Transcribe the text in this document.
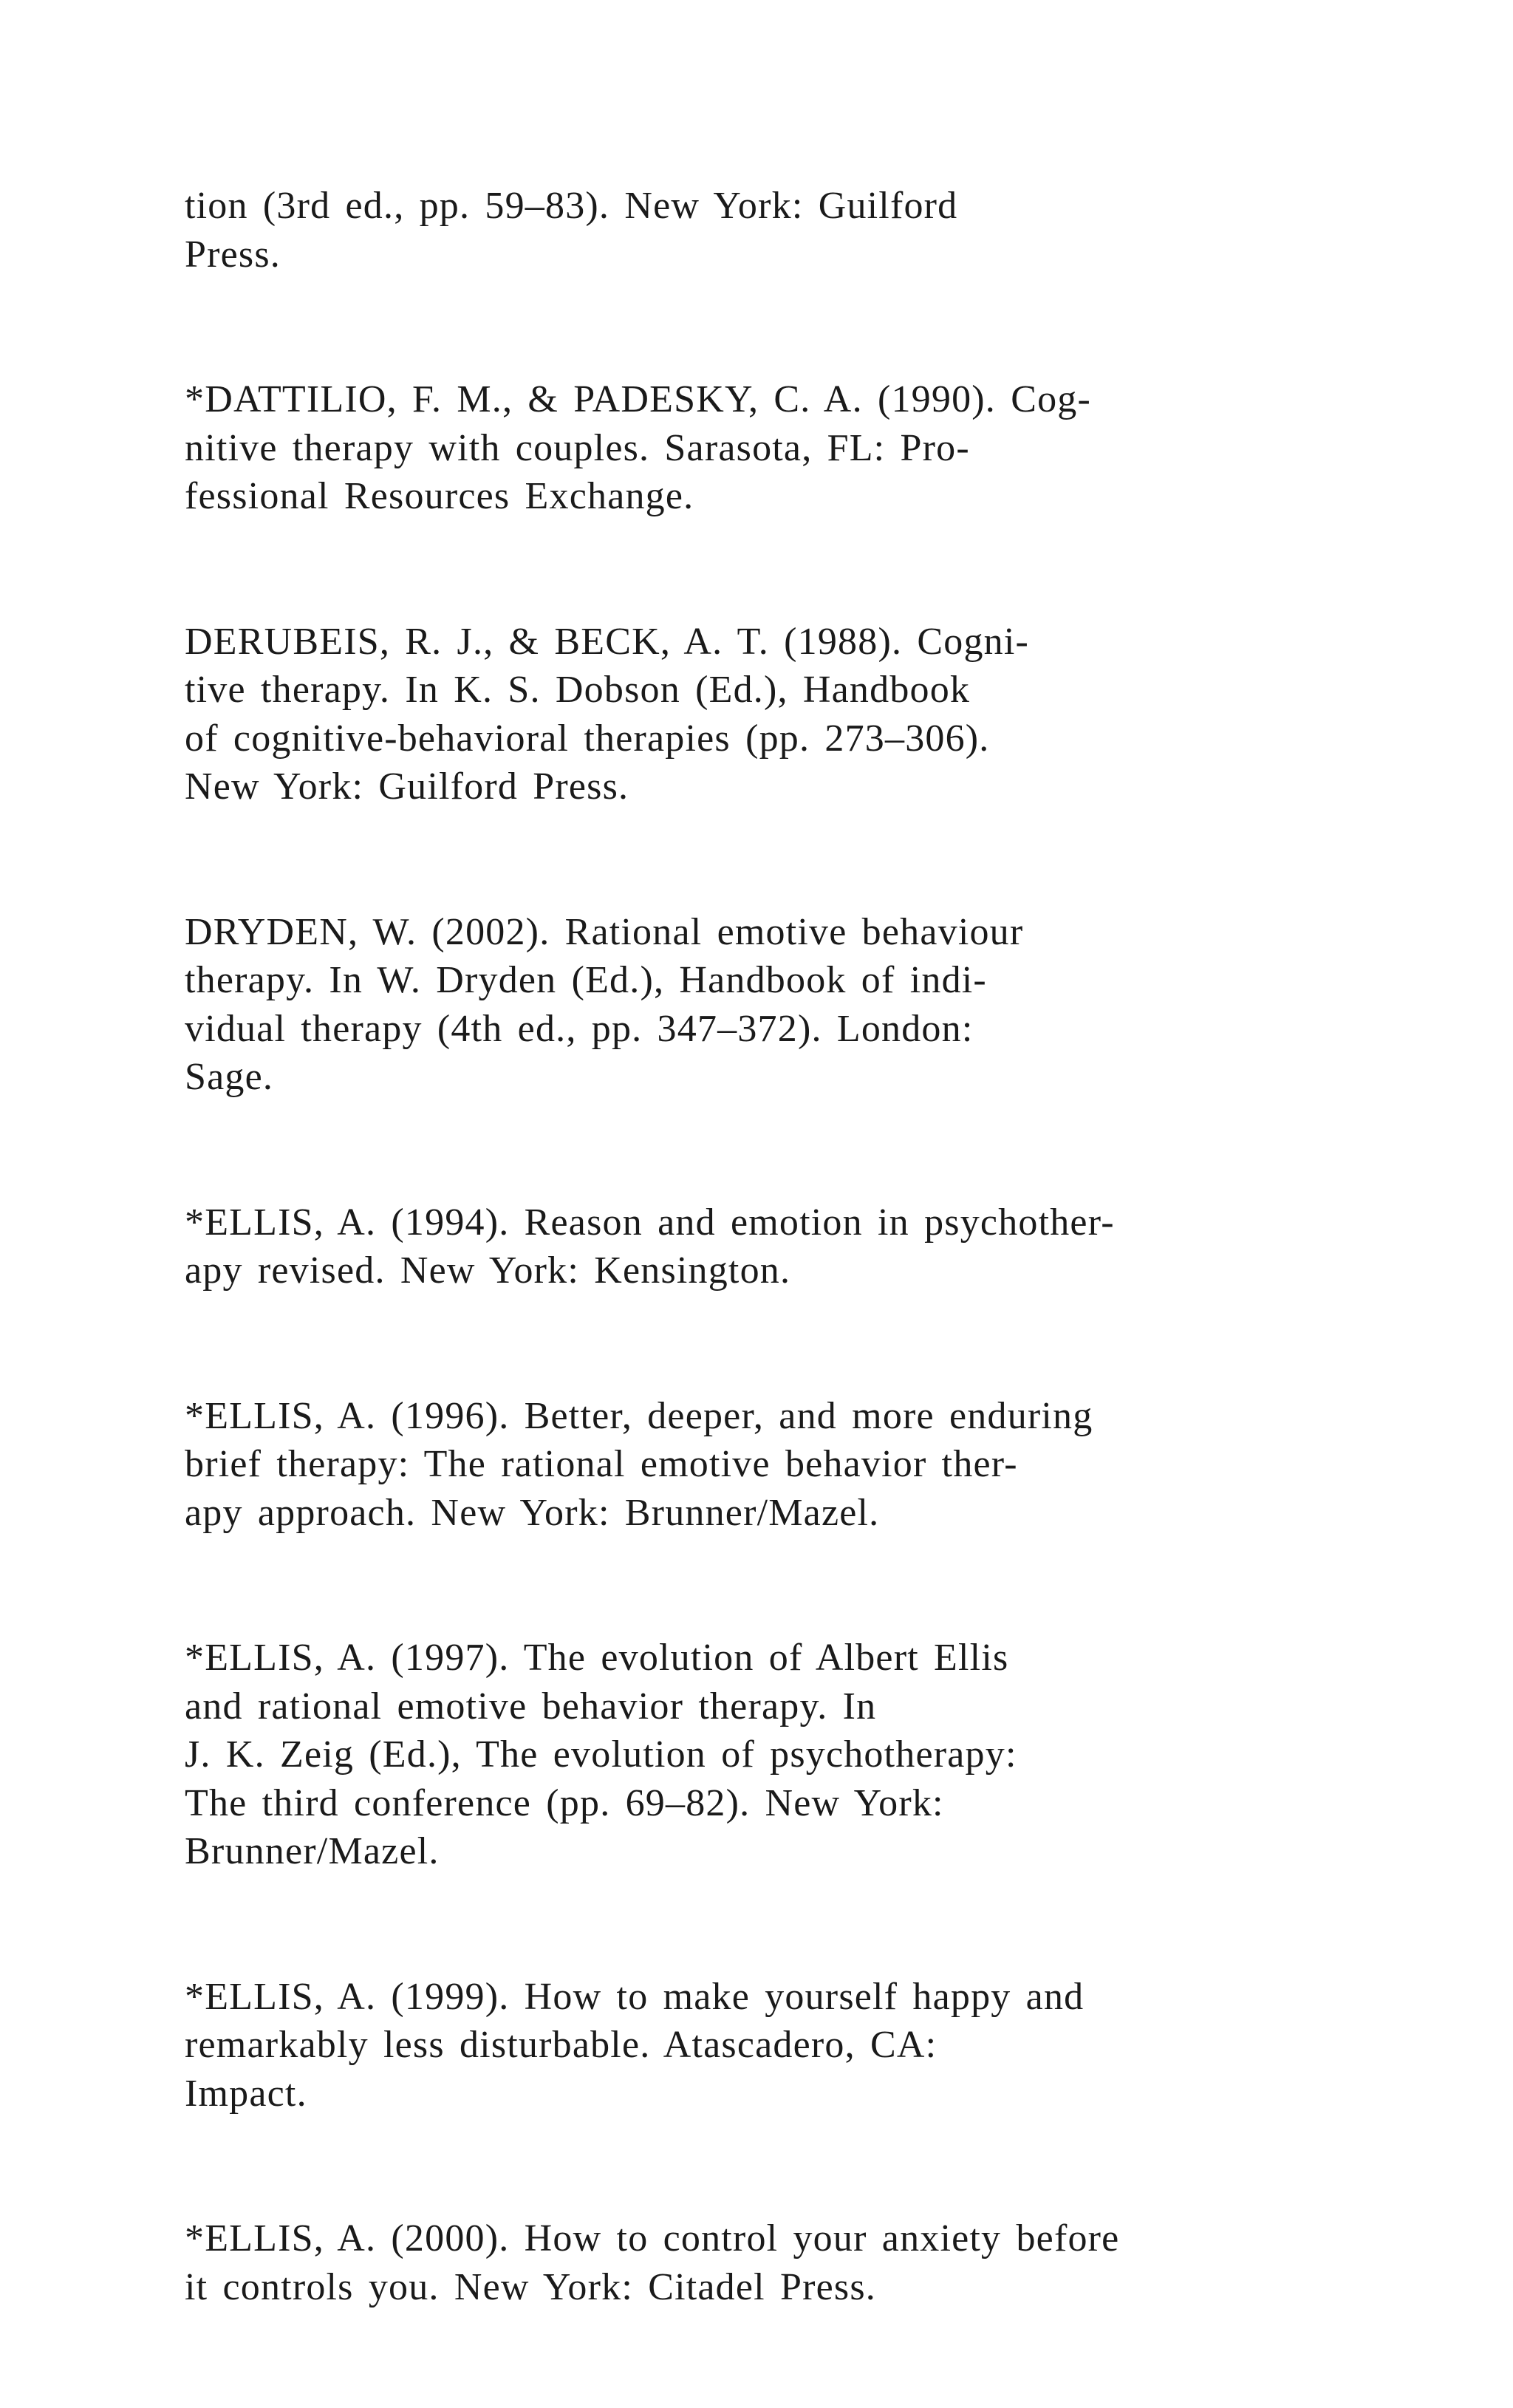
tion (3rd ed., pp. 59–83). New York: Guilford
Press.
*DATTILIO, F. M., & PADESKY, C. A. (1990). Cog-
nitive therapy with couples. Sarasota, FL: Pro-
fessional Resources Exchange.
DERUBEIS, R. J., & BECK, A. T. (1988). Cogni-
tive therapy. In K. S. Dobson (Ed.), Handbook
of cognitive-behavioral therapies (pp. 273–306).
New York: Guilford Press.
DRYDEN, W. (2002). Rational emotive behaviour
therapy. In W. Dryden (Ed.), Handbook of indi-
vidual therapy (4th ed., pp. 347–372). London:
Sage.
*ELLIS, A. (1994). Reason and emotion in psychother-
apy revised. New York: Kensington.
*ELLIS, A. (1996). Better, deeper, and more enduring
brief therapy: The rational emotive behavior ther-
apy approach. New York: Brunner/Mazel.
*ELLIS, A. (1997). The evolution of Albert Ellis
and rational emotive behavior therapy. In
J. K. Zeig (Ed.), The evolution of psychotherapy:
The third conference (pp. 69–82). New York:
Brunner/Mazel.
*ELLIS, A. (1999). How to make yourself happy and
remarkably less disturbable. Atascadero, CA:
Impact.
*ELLIS, A. (2000). How to control your anxiety before
it controls you. New York: Citadel Press.
